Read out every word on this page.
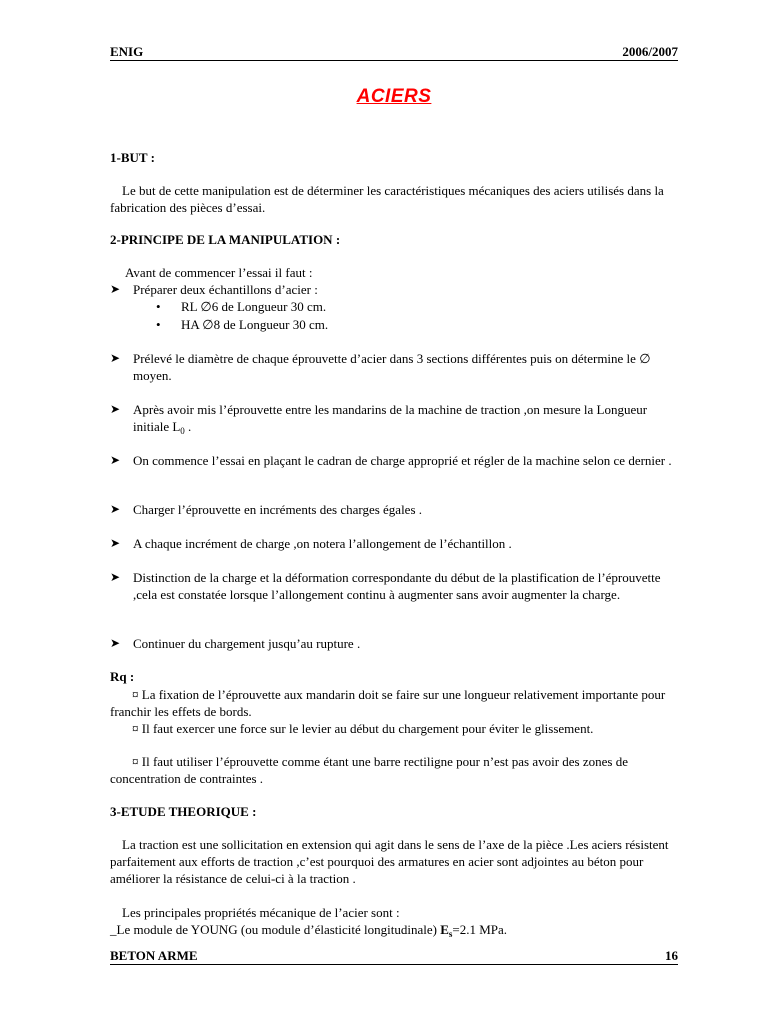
ENIG	2006/2007
ACIERS
1-BUT :
Le but de cette manipulation est de déterminer les caractéristiques mécaniques des aciers utilisés dans la fabrication des pièces d’essai.
2-PRINCIPE DE LA MANIPULATION :
Avant de commencer l’essai il faut :
➤ Préparer deux échantillons d’acier :
• RL ∅6 de Longueur 30 cm.
• HA ∅8 de Longueur 30 cm.
➤ Prélevé le diamètre de chaque éprouvette d’acier dans 3 sections différentes puis on détermine le ∅ moyen.
➤ Après avoir mis l’éprouvette entre les mandarins de la machine de traction ,on mesure la Longueur initiale $L_0$ .
➤ On commence l’essai en plaçant le cadran de charge approprié et régler de la machine selon ce dernier .
➤ Charger l’éprouvette en incréments des charges égales .
➤ A chaque incrément de charge ,on notera l’allongement de l’échantillon .
➤ Distinction de la charge et la déformation correspondante du début de la plastification de l’éprouvette ,cela est constatée lorsque l’allongement continu à augmenter sans avoir augmenter la charge.
➤ Continuer du chargement jusqu’au rupture .
Rq :
¤ La fixation de l’éprouvette aux mandarin doit se faire sur une longueur relativement importante pour franchir les effets de bords.
¤ Il faut exercer une force sur le levier au début du chargement pour éviter le glissement.
¤ Il faut utiliser l’éprouvette comme étant une barre rectiligne pour n’est pas avoir des zones de concentration de contraintes .
3-ETUDE THEORIQUE :
La traction est une sollicitation en extension qui agit dans le sens de l’axe de la pièce .Les aciers résistent parfaitement aux efforts de traction ,c’est pourquoi des armatures en acier sont adjointes au béton pour améliorer la résistance de celui-ci à la traction .
Les principales propriétés mécanique de l’acier sont :
_Le module de YOUNG (ou module d’élasticité longitudinale) $E_s=2.1$ MPa.
BETON ARME	16
